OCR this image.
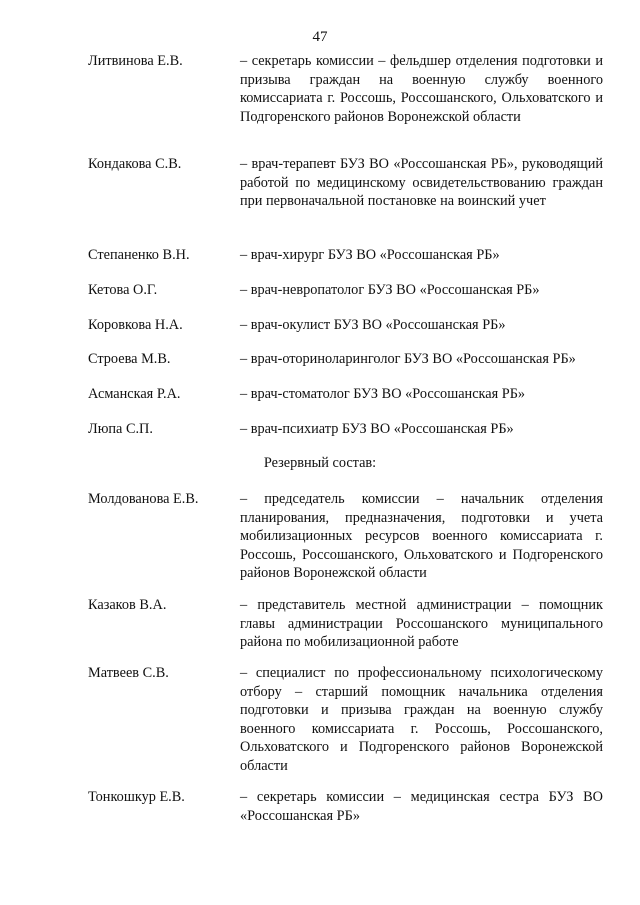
47
Литвинова Е.В.	– секретарь комиссии – фельдшер отделения подготовки и призыва граждан на военную службу военного комиссариата г. Россошь, Россошанского, Ольховатского и Подгоренского районов Воронежской области
Кондакова С.В.	– врач-терапевт БУЗ ВО «Россошанская РБ», руководящий работой по медицинскому освидетельствованию граждан при первоначальной постановке на воинский учет
Степаненко В.Н.	– врач-хирург БУЗ ВО «Россошанская РБ»
Кетова О.Г.	– врач-невропатолог БУЗ ВО «Россошанская РБ»
Коровкова Н.А.	– врач-окулист БУЗ ВО «Россошанская РБ»
Строева М.В.	– врач-оториноларинголог БУЗ ВО «Россошанская РБ»
Асманская Р.А.	– врач-стоматолог БУЗ ВО «Россошанская РБ»
Люпа С.П.	– врач-психиатр БУЗ ВО «Россошанская РБ»
Резервный состав:
Молдованова Е.В.	– председатель комиссии – начальник отделения планирования, предназначения, подготовки и учета мобилизационных ресурсов военного комиссариата г. Россошь, Россошанского, Ольховатского и Подгоренского районов Воронежской области
Казаков В.А.	– представитель местной администрации – помощник главы администрации Россошанского муниципального района по мобилизационной работе
Матвеев С.В.	– специалист по профессиональному психологическому отбору – старший помощник начальника отделения подготовки и призыва граждан на военную службу военного комиссариата г. Россошь, Россошанского, Ольховатского и Подгоренского районов Воронежской области
Тонкошкур Е.В.	– секретарь комиссии – медицинская сестра БУЗ ВО «Россошанская РБ»
